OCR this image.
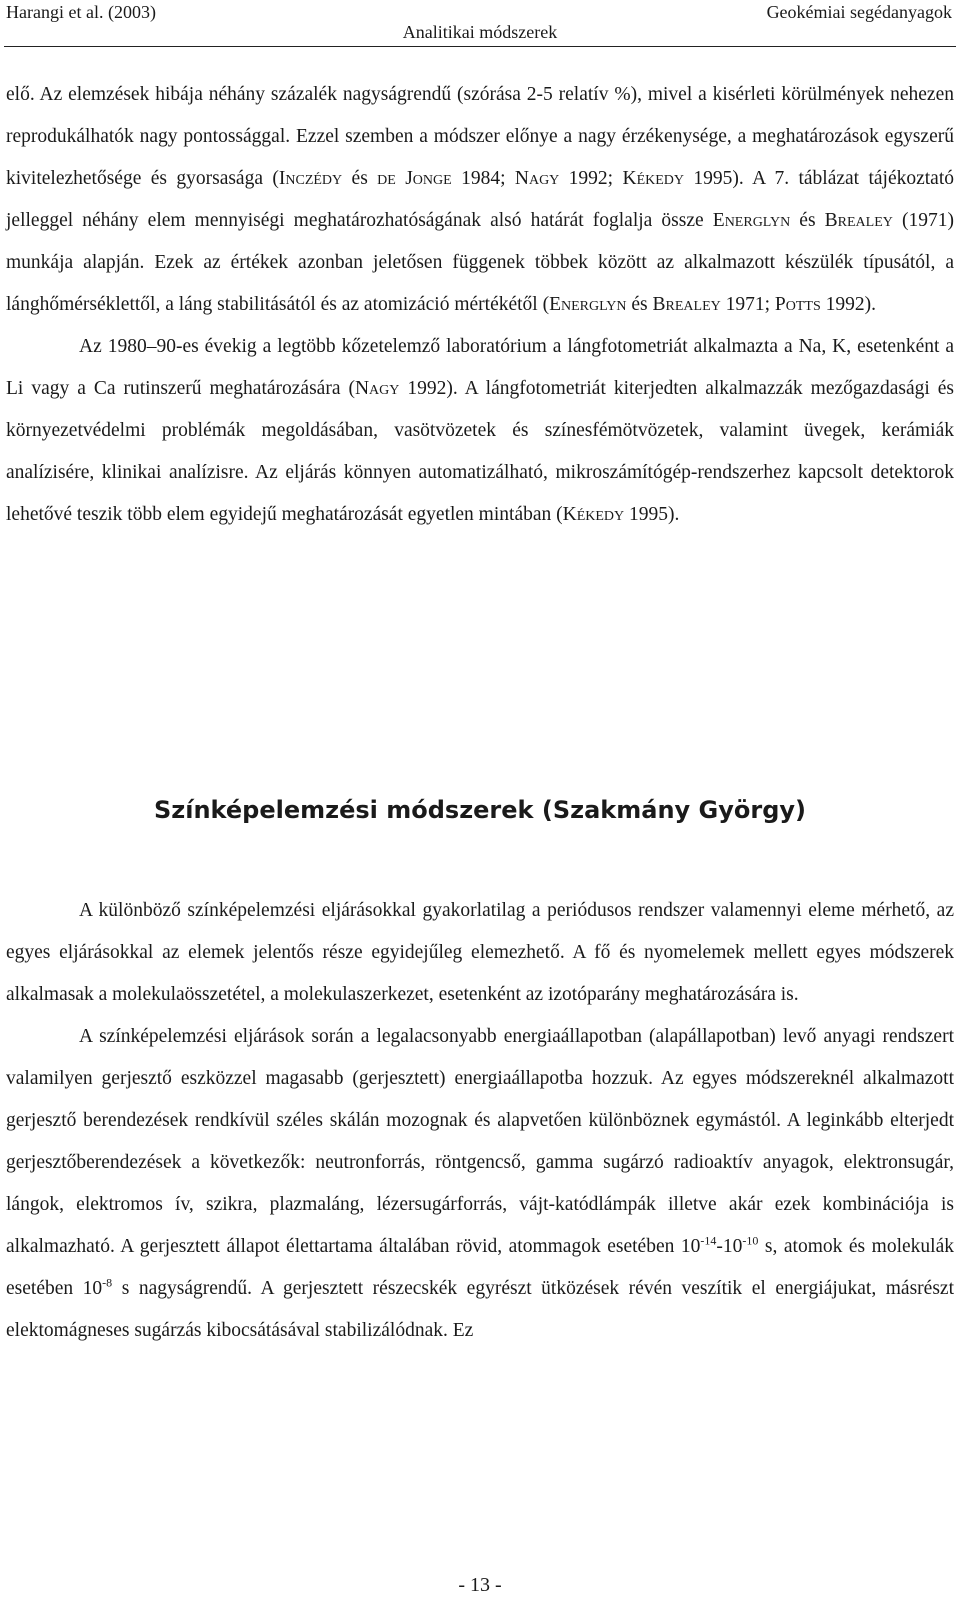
Harangi et al. (2003)	Geokémiai segédanyagok
Analitikai módszerek

elő. Az elemzések hibája néhány százalék nagyságrendű (szórása 2-5 relatív %), mivel a kisérleti körülmények nehezen reprodukálhatók nagy pontossággal. Ezzel szemben a módszer előnye a nagy érzékenysége, a meghatározások egyszerű kivitelezhetősége és gyorsasága (Inczédy és de Jonge 1984; Nagy 1992; Kékedy 1995). A 7. táblázat tájékoztató jelleggel néhány elem mennyiségi meghatározhatóságának alsó határát foglalja össze Energlyn és Brealey (1971) munkája alapján. Ezek az értékek azonban jeletősen függenek többek között az alkalmazott készülék típusától, a lánghőmérséklettől, a láng stabilitásától és az atomizáció mértékétől (Energlyn és Brealey 1971; Potts 1992).

Az 1980–90-es évekig a legtöbb kőzetelemző laboratórium a lángfotometriát alkalmazta a Na, K, esetenként a Li vagy a Ca rutinszerű meghatározására (Nagy 1992). A lángfotometriát kiterjedten alkalmazzák mezőgazdasági és környezetvédelmi problémák megoldásában, vasötvözetek és színesfémötvözetek, valamint üvegek, kerámiák analízisére, klinikai analízisre. Az eljárás könnyen automatizálható, mikroszámítógép-rendszerhez kapcsolt detektorok lehetővé teszik több elem egyidejű meghatározását egyetlen mintában (Kékedy 1995).

Színképelemzési módszerek (Szakmány György)

A különböző színképelemzési eljárásokkal gyakorlatilag a periódusos rendszer valamennyi eleme mérhető, az egyes eljárásokkal az elemek jelentős része egyidejűleg elemezhető. A fő és nyomelemek mellett egyes módszerek alkalmasak a molekulaösszetétel, a molekulaszerkezet, esetenként az izotóparány meghatározására is.

A színképelemzési eljárások során a legalacsonyabb energiaállapotban (alapállapotban) levő anyagi rendszert valamilyen gerjesztő eszközzel magasabb (gerjesztett) energiaállapotba hozzuk. Az egyes módszereknél alkalmazott gerjesztő berendezések rendkívül széles skálán mozognak és alapvetően különböznek egymástól. A leginkább elterjedt gerjesztőberendezések a következők: neutronforrás, röntgencső, gamma sugárzó radioaktív anyagok, elektronsugár, lángok, elektromos ív, szikra, plazmaláng, lézersugárforrás, vájt-katódlámpák illetve akár ezek kombinációja is alkalmazható. A gerjesztett állapot élettartama általában rövid, atommagok esetében $10^{-14}-10^{-10}$ s, atomok és molekulák esetében $10^{-8}$ s nagyságrendű. A gerjesztett részecskék egyrészt ütközések révén veszítik el energiájukat, másrészt elektomágneses sugárzás kibocsátásával stabilizálódnak. Ez

- 13 -
